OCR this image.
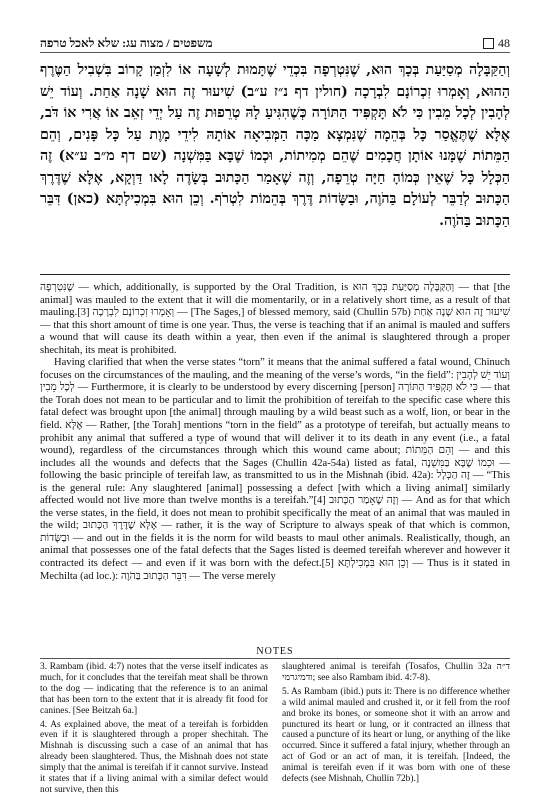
משפטים / מצוה עג: שלא לאכל טרפה	48
וְהַקַּבָּלָה מְסַיַּעַת בְּכָךְ הוּא, שֶׁנִּטְרְפָה בִּכְדֵי שֶׁתָּמוּת לְשָׁעָה אוֹ לִזְמַן קָרוֹב בִּשְׁבִיל הַטֶּרֶף הַהוּא, וְאָמְרוּ זִכְרוֹנָם לִבְרָכָה (חולין דף נ״ז ע״ב) שִׁיעוּר זֶה הוּא שָׁנָה אַחַת. וְעוֹד יֵשׁ לְהָבִין לְכָל מֵבִין כִּי לֹא תָּקְפִּיד הַתּוֹרָה כְּשֶׁהִגִּיעַ לָהּ טְרֵפוּת זֶה עַל יְדֵי זְאֵב אוֹ אֲרִי אוֹ דֹּב, אֶלָּא שֶׁתֶּאֱסַר כָּל בְּהֵמָה שֶׁנִּמְצָא מַכָּה הַמְּבִיאָה אוֹתָהּ לִידֵי מָוֶת עַל כָּל פָּנִים, וְהֵם הַמֵּתוֹת שֶׁמָּנוּ אוֹתָן חֲכָמִים שֶׁהֵם מְמִיתוֹת, וּכְמוֹ שֶׁבָּא בַּמִּשְׁנָה (שם דף מ״ב ע״א) זֶה הַכְּלָל כָּל שֶׁאֵין כְּמוֹהָ חַיָּה טְרֵפָה, וְזֶה שֶׁאָמַר הַכָּתוּב בְּשָׂדֶה לָאו דַּוְקָא, אֶלָּא שֶׁדֶּרֶךְ הַכָּתוּב לְדַבֵּר לְעוֹלָם בַּהֹוֶה, וּבַשָּׂדוֹת דֶּרֶךְ בְּהֵמוֹת לִטְרֹף. וְכֵן הוּא בִּמְכִילְתָּא (כאן) דִּבֵּר הַכָּתוּב בַּהֹוֶה.

שֶׁנִּטְרְפָה — which, additionally, is supported by the Oral Tradition, is וְהַקַּבָּלָה מְסַיַּעַת בְּכָךְ הוּא — that [the animal] was mauled to the extent that it will die momentarily, or in a relatively short time, as a result of that mauling.[3] וְאָמְרוּ זִכְרוֹנָם לִבְרָכָה — [The Sages,] of blessed memory, said (Chullin 57b) שִׁיעוּר זֶה הוּא שָׁנָה אַחַת — that this short amount of time is one year. Thus, the verse is teaching that if an animal is mauled and suffers a wound that will cause its death within a year, then even if the animal is slaughtered through a proper shechitah, its meat is prohibited.

Having clarified that when the verse states “torn” it means that the animal suffered a fatal wound, Chinuch focuses on the circumstances of the mauling, and the meaning of the verse’s words, “in the field”: וְעוֹד יֵשׁ לְהָבִין לְכָל מֵבִין — Furthermore, it is clearly to be understood by every discerning [person] כִּי לֹא תָּקְפִּיד הַתּוֹרָה — that the Torah does not mean to be particular and to limit the prohibition of tereifah to the specific case where this fatal defect was brought upon [the animal] through mauling by a wild beast such as a wolf, lion, or bear in the field. אֶלָּא — Rather, [the Torah] mentions “torn in the field” as a prototype of tereifah, but actually means to prohibit any animal that suffered a type of wound that will deliver it to its death in any event (i.e., a fatal wound), regardless of the circumstances through which this wound came about; וְהֵם הַמֵּתוֹת — and this includes all the wounds and defects that the Sages (Chullin 42a-54a) listed as fatal, וּכְמוֹ שֶׁבָּא בַּמִּשְׁנָה — following the basic principle of tereifah law, as transmitted to us in the Mishnah (ibid. 42a): זֶה הַכְּלָל — “This is the general rule: Any slaughtered [animal] possessing a defect [with which a living animal] similarly affected would not live more than twelve months is a tereifah.”[4] וְזֶה שֶׁאָמַר הַכָּתוּב — And as for that which the verse states, in the field, it does not mean to prohibit specifically the meat of an animal that was mauled in the wild; אֶלָּא שֶׁדֶּרֶךְ הַכָּתוּב — rather, it is the way of Scripture to always speak of that which is common, וּבַשָּׂדוֹת — and out in the fields it is the norm for wild beasts to maul other animals. Realistically, though, an animal that possesses one of the fatal defects that the Sages listed is deemed tereifah wherever and however it contracted its defect — and even if it was born with the defect.[5] וְכֵן הוּא בִּמְכִילְתָּא — Thus is it stated in Mechilta (ad loc.): דִּבֵּר הַכָּתוּב בַּהֹוֶה — The verse merely

NOTES

3. Rambam (ibid. 4:7) notes that the verse itself indicates as much, for it concludes that the tereifah meat shall be thrown to the dog — indicating that the reference is to an animal that has been torn to the extent that it is already fit food for canines. [See Beitzah 6a.]

4. As explained above, the meat of a tereifah is forbidden even if it is slaughtered through a proper shechitah. The Mishnah is discussing such a case of an animal that has already been slaughtered. Thus, the Mishnah does not state simply that the animal is tereifah if it cannot survive. Instead it states that if a living animal with a similar defect would not survive, then this

slaughtered animal is tereifah (Tosafos, Chullin 32a ד״ה ודמיגרמי; see also Rambam ibid. 4:7-8).

5. As Rambam (ibid.) puts it: There is no difference whether a wild animal mauled and crushed it, or it fell from the roof and broke its bones, or someone shot it with an arrow and punctured its heart or lung, or it contracted an illness that caused a puncture of its heart or lung, or anything of the like occurred. Since it suffered a fatal injury, whether through an act of God or an act of man, it is tereifah. [Indeed, the animal is tereifah even if it was born with one of these defects (see Mishnah, Chullin 72b).]
